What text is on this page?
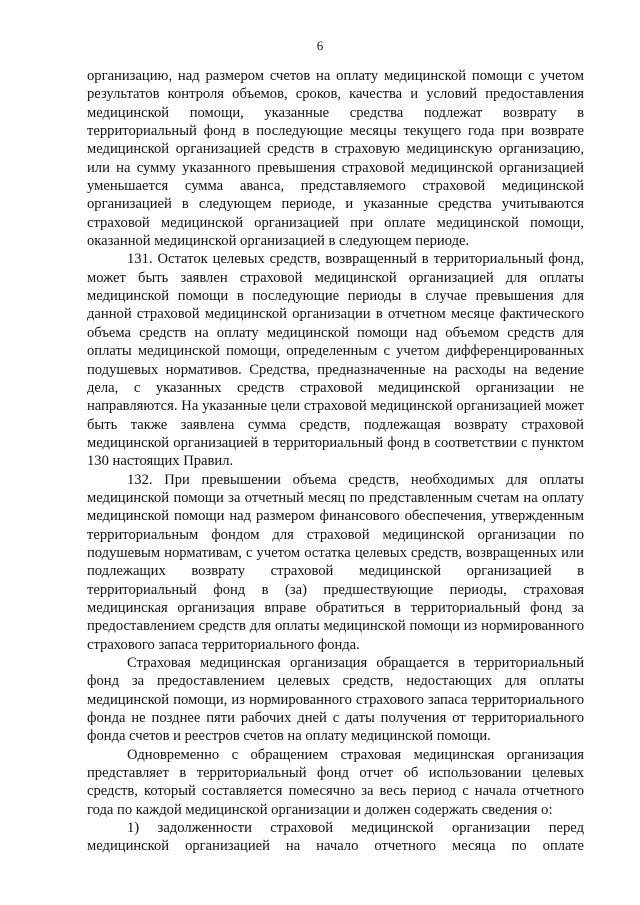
6

организацию, над размером счетов на оплату медицинской помощи с учетом результатов контроля объемов, сроков, качества и условий предоставления медицинской помощи, указанные средства подлежат возврату в территориальный фонд в последующие месяцы текущего года при возврате медицинской организацией средств в страховую медицинскую организацию, или на сумму указанного превышения страховой медицинской организацией уменьшается сумма аванса, представляемого страховой медицинской организацией в следующем периоде, и указанные средства учитываются страховой медицинской организацией при оплате медицинской помощи, оказанной медицинской организацией в следующем периоде.

131. Остаток целевых средств, возвращенный в территориальный фонд, может быть заявлен страховой медицинской организацией для оплаты медицинской помощи в последующие периоды в случае превышения для данной страховой медицинской организации в отчетном месяце фактического объема средств на оплату медицинской помощи над объемом средств для оплаты медицинской помощи, определенным с учетом дифференцированных подушевых нормативов. Средства, предназначенные на расходы на ведение дела, с указанных средств страховой медицинской организации не направляются. На указанные цели страховой медицинской организацией может быть также заявлена сумма средств, подлежащая возврату страховой медицинской организацией в территориальный фонд в соответствии с пунктом 130 настоящих Правил.

132. При превышении объема средств, необходимых для оплаты медицинской помощи за отчетный месяц по представленным счетам на оплату медицинской помощи над размером финансового обеспечения, утвержденным территориальным фондом для страховой медицинской организации по подушевым нормативам, с учетом остатка целевых средств, возвращенных или подлежащих возврату страховой медицинской организацией в территориальный фонд в (за) предшествующие периоды, страховая медицинская организация вправе обратиться в территориальный фонд за предоставлением средств для оплаты медицинской помощи из нормированного страхового запаса территориального фонда.

Страховая медицинская организация обращается в территориальный фонд за предоставлением целевых средств, недостающих для оплаты медицинской помощи, из нормированного страхового запаса территориального фонда не позднее пяти рабочих дней с даты получения от территориального фонда счетов и реестров счетов на оплату медицинской помощи.

Одновременно с обращением страховая медицинская организация представляет в территориальный фонд отчет об использовании целевых средств, который составляется помесячно за весь период с начала отчетного года по каждой медицинской организации и должен содержать сведения о:

1) задолженности страховой медицинской организации перед медицинской организацией на начало отчетного месяца по оплате
